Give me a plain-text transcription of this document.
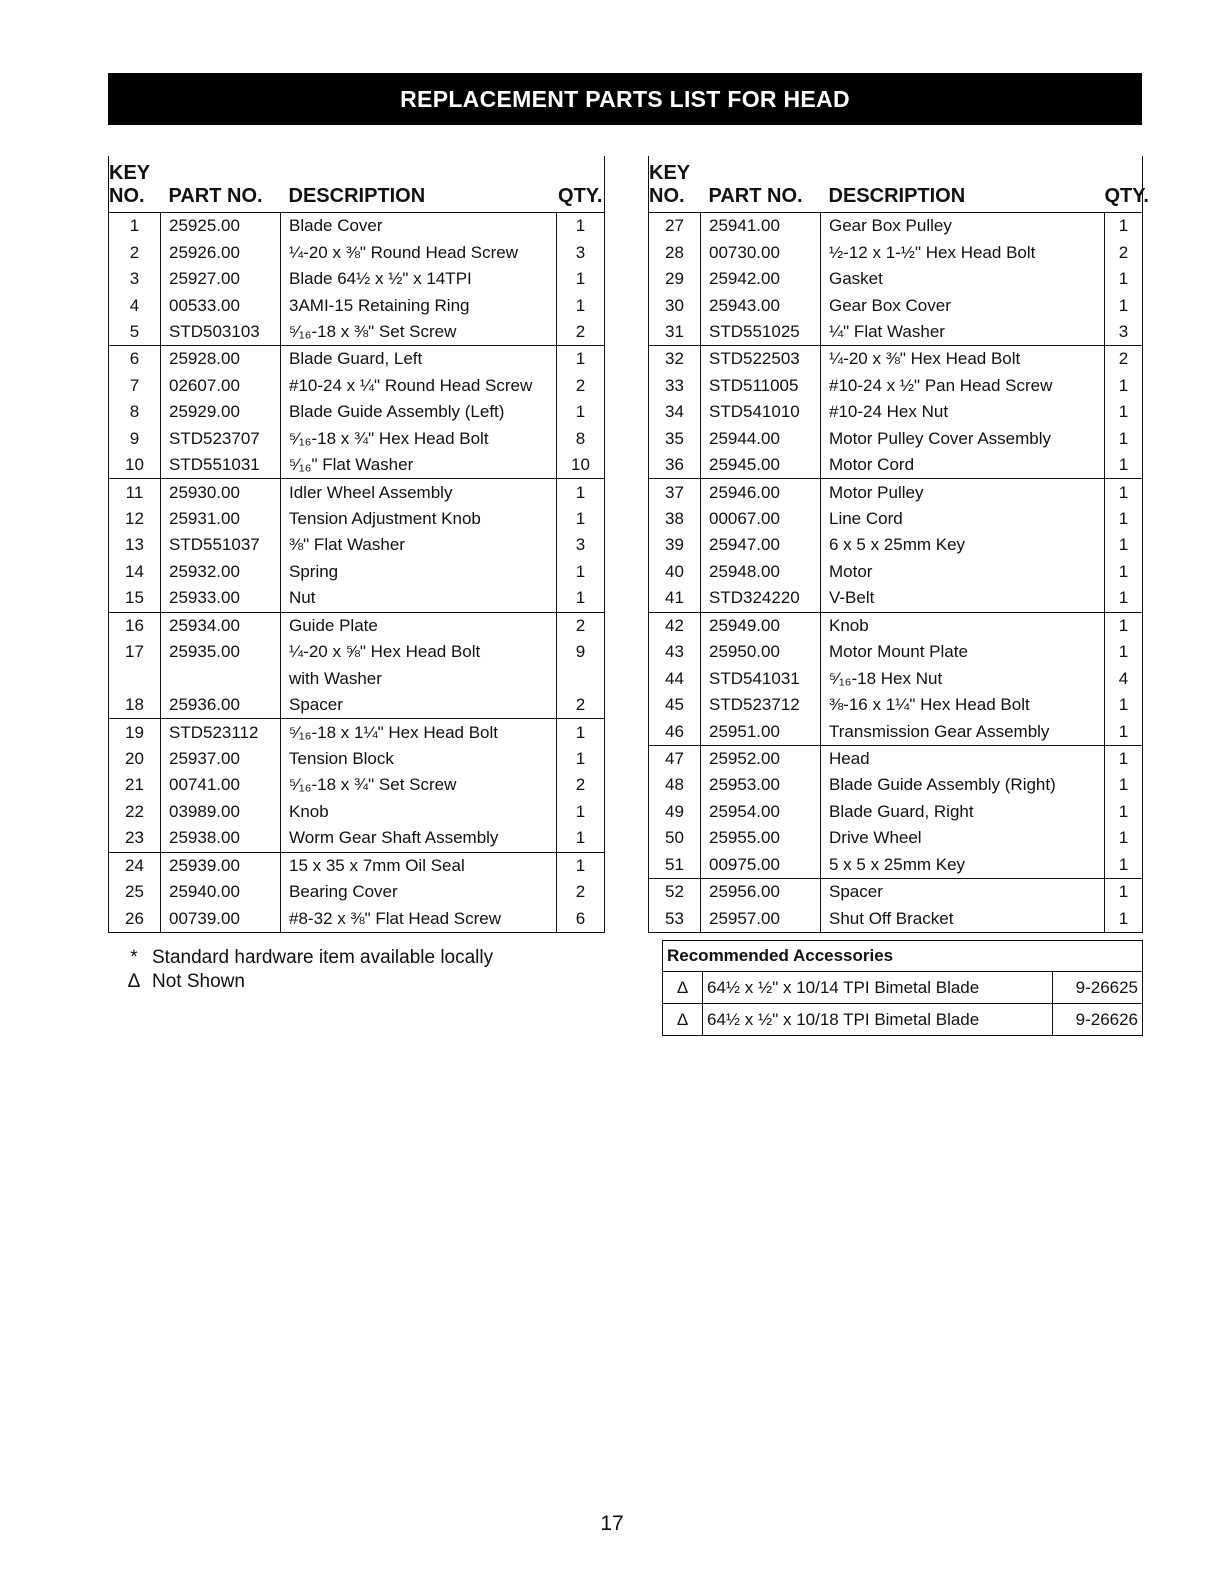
REPLACEMENT PARTS LIST FOR HEAD
KEY
NO.	PART NO.	DESCRIPTION	QTY.
1	25925.00	Blade Cover	1
2	25926.00	¼-20 x ⅜" Round Head Screw	3
3	25927.00	Blade 64½ x ½" x 14TPI	1
4	00533.00	3AMI-15 Retaining Ring	1
5	STD503103	⁵⁄₁₆-18 x ⅜" Set Screw	2
6	25928.00	Blade Guard, Left	1
7	02607.00	#10-24 x ¼" Round Head Screw	2
8	25929.00	Blade Guide Assembly (Left)	1
9	STD523707	⁵⁄₁₆-18 x ¾" Hex Head Bolt	8
10	STD551031	⁵⁄₁₆" Flat Washer	10
11	25930.00	Idler Wheel Assembly	1
12	25931.00	Tension Adjustment Knob	1
13	STD551037	⅜" Flat Washer	3
14	25932.00	Spring	1
15	25933.00	Nut	1
16	25934.00	Guide Plate	2
17	25935.00	¼-20 x ⅝" Hex Head Bolt	9
		with Washer	
18	25936.00	Spacer	2
19	STD523112	⁵⁄₁₆-18 x 1¼" Hex Head Bolt	1
20	25937.00	Tension Block	1
21	00741.00	⁵⁄₁₆-18 x ¾" Set Screw	2
22	03989.00	Knob	1
23	25938.00	Worm Gear Shaft Assembly	1
24	25939.00	15 x 35 x 7mm Oil Seal	1
25	25940.00	Bearing Cover	2
26	00739.00	#8-32 x ⅜" Flat Head Screw	6
KEY
NO.	PART NO.	DESCRIPTION	QTY.
27	25941.00	Gear Box Pulley	1
28	00730.00	½-12 x 1-½" Hex Head Bolt	2
29	25942.00	Gasket	1
30	25943.00	Gear Box Cover	1
31	STD551025	¼" Flat Washer	3
32	STD522503	¼-20 x ⅜" Hex Head Bolt	2
33	STD511005	#10-24 x ½" Pan Head Screw	1
34	STD541010	#10-24 Hex Nut	1
35	25944.00	Motor Pulley Cover Assembly	1
36	25945.00	Motor Cord	1
37	25946.00	Motor Pulley	1
38	00067.00	Line Cord	1
39	25947.00	6 x 5 x 25mm Key	1
40	25948.00	Motor	1
41	STD324220	V-Belt	1
42	25949.00	Knob	1
43	25950.00	Motor Mount Plate	1
44	STD541031	⁵⁄₁₆-18 Hex Nut	4
45	STD523712	⅜-16 x 1¼" Hex Head Bolt	1
46	25951.00	Transmission Gear Assembly	1
47	25952.00	Head	1
48	25953.00	Blade Guide Assembly (Right)	1
49	25954.00	Blade Guard, Right	1
50	25955.00	Drive Wheel	1
51	00975.00	5 x 5 x 25mm Key	1
52	25956.00	Spacer	1
53	25957.00	Shut Off Bracket	1
* Standard hardware item available locally
Δ Not Shown
Recommended Accessories		
Δ	64½ x ½" x 10/14 TPI Bimetal Blade	9-26625
Δ	64½ x ½" x 10/18 TPI Bimetal Blade	9-26626
17
